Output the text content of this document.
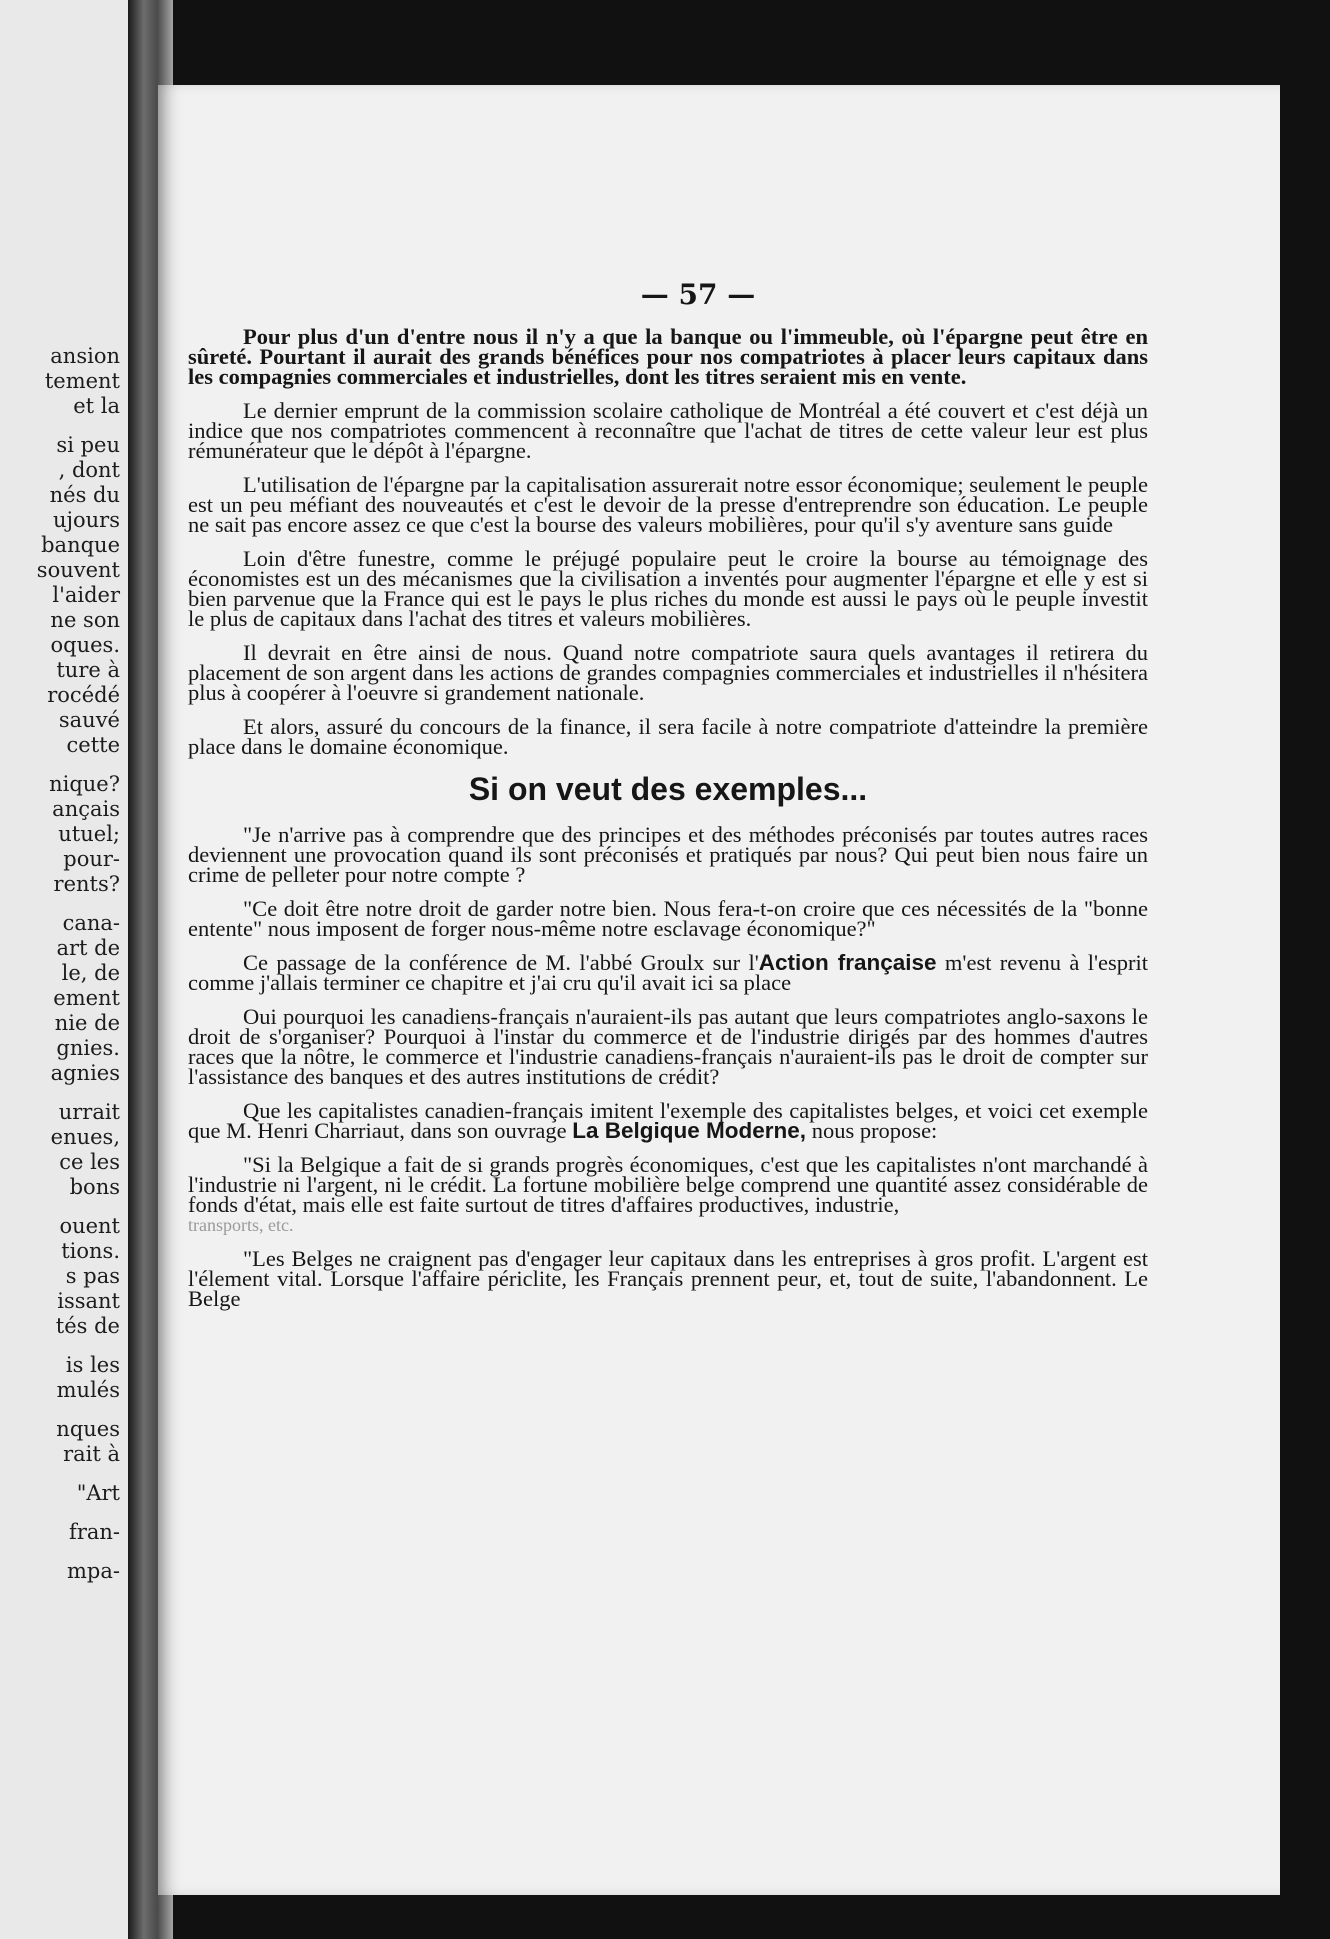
ansion
tement
et la
si peu
, dont
nés du
ujours
banque
souvent
l'aider
ne son
oques.
ture à
rocédé
sauvé
cette
nique?
ançais
utuel;
pour-
rents?
cana-
art de
le, de
ement
nie de
gnies.
agnies
urrait
enues,
ce les
bons
ouent
tions.
s pas
issant
tés de
is les
mulés
nques
rait à
"Art
fran-
mpa-
— 57 —

Pour plus d'un d'entre nous il n'y a que la banque ou l'immeuble, où l'épargne peut être en sûreté. Pourtant il aurait des grands bénéfices pour nos compatriotes à placer leurs capitaux dans les compagnies commerciales et industrielles, dont les titres seraient mis en vente.

Le dernier emprunt de la commission scolaire catholique de Montréal a été couvert et c'est déjà un indice que nos compatriotes commencent à reconnaître que l'achat de titres de cette valeur leur est plus rémunérateur que le dépôt à l'épargne.

L'utilisation de l'épargne par la capitalisation assurerait notre essor économique; seulement le peuple est un peu méfiant des nouveautés et c'est le devoir de la presse d'entreprendre son éducation. Le peuple ne sait pas encore assez ce que c'est la bourse des valeurs mobilières, pour qu'il s'y aventure sans guide

Loin d'être funestre, comme le préjugé populaire peut le croire la bourse au témoignage des économistes est un des mécanismes que la civilisation a inventés pour augmenter l'épargne et elle y est si bien parvenue que la France qui est le pays le plus riches du monde est aussi le pays où le peuple investit le plus de capitaux dans l'achat des titres et valeurs mobilières.

Il devrait en être ainsi de nous. Quand notre compatriote saura quels avantages il retirera du placement de son argent dans les actions de grandes compagnies commerciales et industrielles il n'hésitera plus à coopérer à l'oeuvre si grandement nationale.

Et alors, assuré du concours de la finance, il sera facile à notre compatriote d'atteindre la première place dans le domaine économique.

Si on veut des exemples...

"Je n'arrive pas à comprendre que des principes et des méthodes préconisés par toutes autres races deviennent une provocation quand ils sont préconisés et pratiqués par nous? Qui peut bien nous faire un crime de pelleter pour notre compte ?

"Ce doit être notre droit de garder notre bien. Nous fera-t-on croire que ces nécessités de la "bonne entente" nous imposent de forger nous-même notre esclavage économique?"

Ce passage de la conférence de M. l'abbé Groulx sur l'Action française m'est revenu à l'esprit comme j'allais terminer ce chapitre et j'ai cru qu'il avait ici sa place

Oui pourquoi les canadiens-français n'auraient-ils pas autant que leurs compatriotes anglo-saxons le droit de s'organiser? Pourquoi à l'instar du commerce et de l'industrie dirigés par des hommes d'autres races que la nôtre, le commerce et l'industrie canadiens-français n'auraient-ils pas le droit de compter sur l'assistance des banques et des autres institutions de crédit?

Que les capitalistes canadien-français imitent l'exemple des capitalistes belges, et voici cet exemple que M. Henri Charriaut, dans son ouvrage La Belgique Moderne, nous propose:

"Si la Belgique a fait de si grands progrès économiques, c'est que les capitalistes n'ont marchandé à l'industrie ni l'argent, ni le crédit. La fortune mobilière belge comprend une quantité assez considérable de fonds d'état, mais elle est faite surtout de titres d'affaires productives, industrie,

transports, etc.

"Les Belges ne craignent pas d'engager leur capitaux dans les entreprises à gros profit. L'argent est l'élement vital. Lorsque l'affaire périclite, les Français prennent peur, et, tout de suite, l'abandonnent. Le Belge
